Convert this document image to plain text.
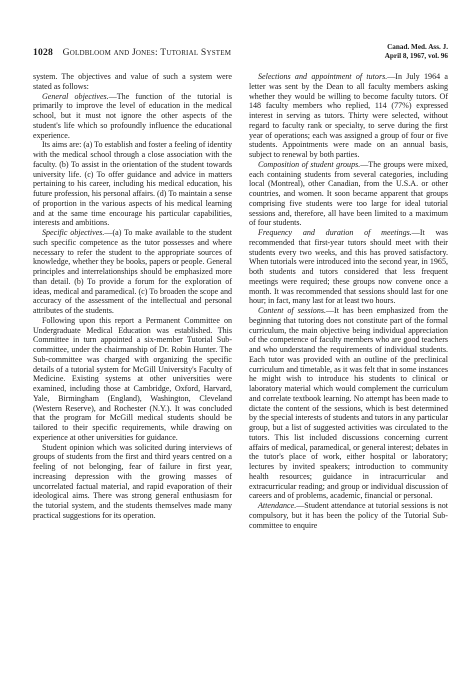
1028 Goldbloom and Jones: Tutorial System	Canad. Med. Ass. J.
April 8, 1967, vol. 96

system. The objectives and value of such a system were stated as follows:

General objectives.—The function of the tutorial is primarily to improve the level of education in the medical school, but it must not ignore the other aspects of the student's life which so profoundly influence the educational experience.

Its aims are: (a) To establish and foster a feeling of identity with the medical school through a close association with the faculty. (b) To assist in the orientation of the student towards university life. (c) To offer guidance and advice in matters pertaining to his career, including his medical education, his future profession, his personal affairs. (d) To maintain a sense of proportion in the various aspects of his medical learning and at the same time encourage his particular capabilities, interests and ambitions.

Specific objectives.—(a) To make available to the student such specific competence as the tutor possesses and where necessary to refer the student to the appropriate sources of knowledge, whether they be books, papers or people. General principles and interrelationships should be emphasized more than detail. (b) To provide a forum for the exploration of ideas, medical and paramedical. (c) To broaden the scope and accuracy of the assessment of the intellectual and personal attributes of the students.

Following upon this report a Permanent Committee on Undergraduate Medical Education was established. This Committee in turn appointed a six-member Tutorial Sub-committee, under the chairmanship of Dr. Robin Hunter. The Sub-committee was charged with organizing the specific details of a tutorial system for McGill University's Faculty of Medicine. Existing systems at other universities were examined, including those at Cambridge, Oxford, Harvard, Yale, Birmingham (England), Washington, Cleveland (Western Reserve), and Rochester (N.Y.). It was concluded that the program for McGill medical students should be tailored to their specific requirements, while drawing on experience at other universities for guidance.

Student opinion which was solicited during interviews of groups of students from the first and third years centred on a feeling of not belonging, fear of failure in first year, increasing depression with the growing masses of uncorrelated factual material, and rapid evaporation of their ideological aims. There was strong general enthusiasm for the tutorial system, and the students themselves made many practical suggestions for its operation.

Selections and appointment of tutors.—In July 1964 a letter was sent by the Dean to all faculty members asking whether they would be willing to become faculty tutors. Of 148 faculty members who replied, 114 (77%) expressed interest in serving as tutors. Thirty were selected, without regard to faculty rank or specialty, to serve during the first year of operations; each was assigned a group of four or five students. Appointments were made on an annual basis, subject to renewal by both parties.

Composition of student groups.—The groups were mixed, each containing students from several categories, including local (Montreal), other Canadian, from the U.S.A. or other countries, and women. It soon became apparent that groups comprising five students were too large for ideal tutorial sessions and, therefore, all have been limited to a maximum of four students.

Frequency and duration of meetings.—It was recommended that first-year tutors should meet with their students every two weeks, and this has proved satisfactory. When tutorials were introduced into the second year, in 1965, both students and tutors considered that less frequent meetings were required; these groups now convene once a month. It was recommended that sessions should last for one hour; in fact, many last for at least two hours.

Content of sessions.—It has been emphasized from the beginning that tutoring does not constitute part of the formal curriculum, the main objective being individual appreciation of the competence of faculty members who are good teachers and who understand the requirements of individual students. Each tutor was provided with an outline of the preclinical curriculum and timetable, as it was felt that in some instances he might wish to introduce his students to clinical or laboratory material which would complement the curriculum and correlate textbook learning. No attempt has been made to dictate the content of the sessions, which is best determined by the special interests of students and tutors in any particular group, but a list of suggested activities was circulated to the tutors. This list included discussions concerning current affairs of medical, paramedical, or general interest; debates in the tutor's place of work, either hospital or laboratory; lectures by invited speakers; introduction to community health resources; guidance in intracurricular and extracurricular reading; and group or individual discussion of careers and of problems, academic, financial or personal.

Attendance.—Student attendance at tutorial sessions is not compulsory, but it has been the policy of the Tutorial Sub-committee to enquire
